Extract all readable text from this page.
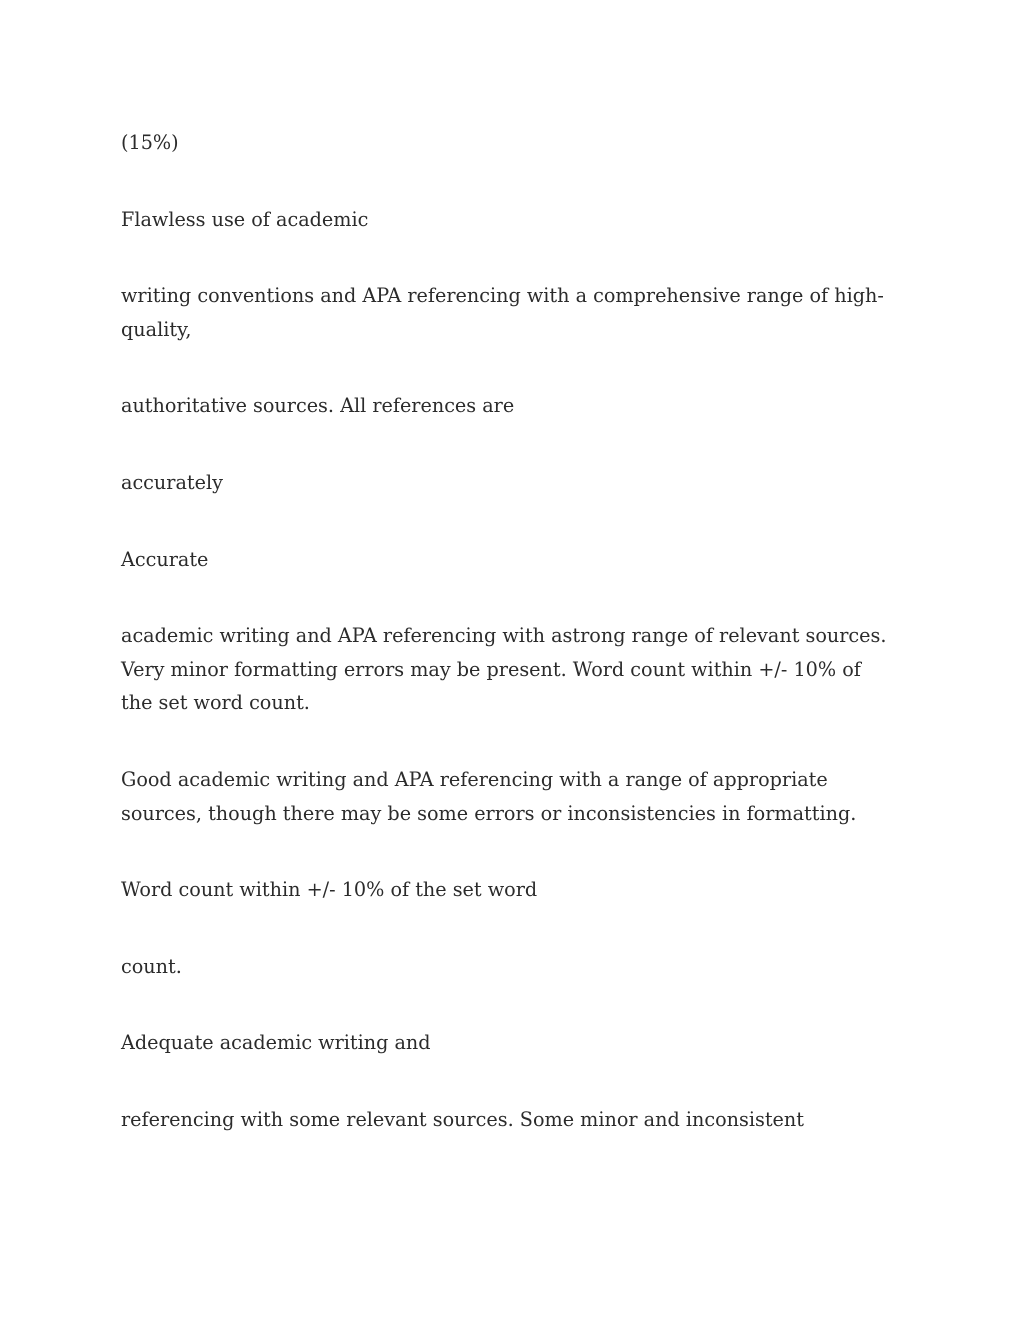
(15%)

Flawless use of academic

writing conventions and APA referencing with a comprehensive range of high-quality,

authoritative sources. All references are

accurately

Accurate

academic writing and APA referencing with astrong range of relevant sources. Very minor formatting errors may be present. Word count within +/- 10% of the set word count.

Good academic writing and APA referencing with a range of appropriate sources, though there may be some errors or inconsistencies in formatting.

Word count within +/- 10% of the set word

count.

Adequate academic writing and

referencing with some relevant sources. Some minor and inconsistent
